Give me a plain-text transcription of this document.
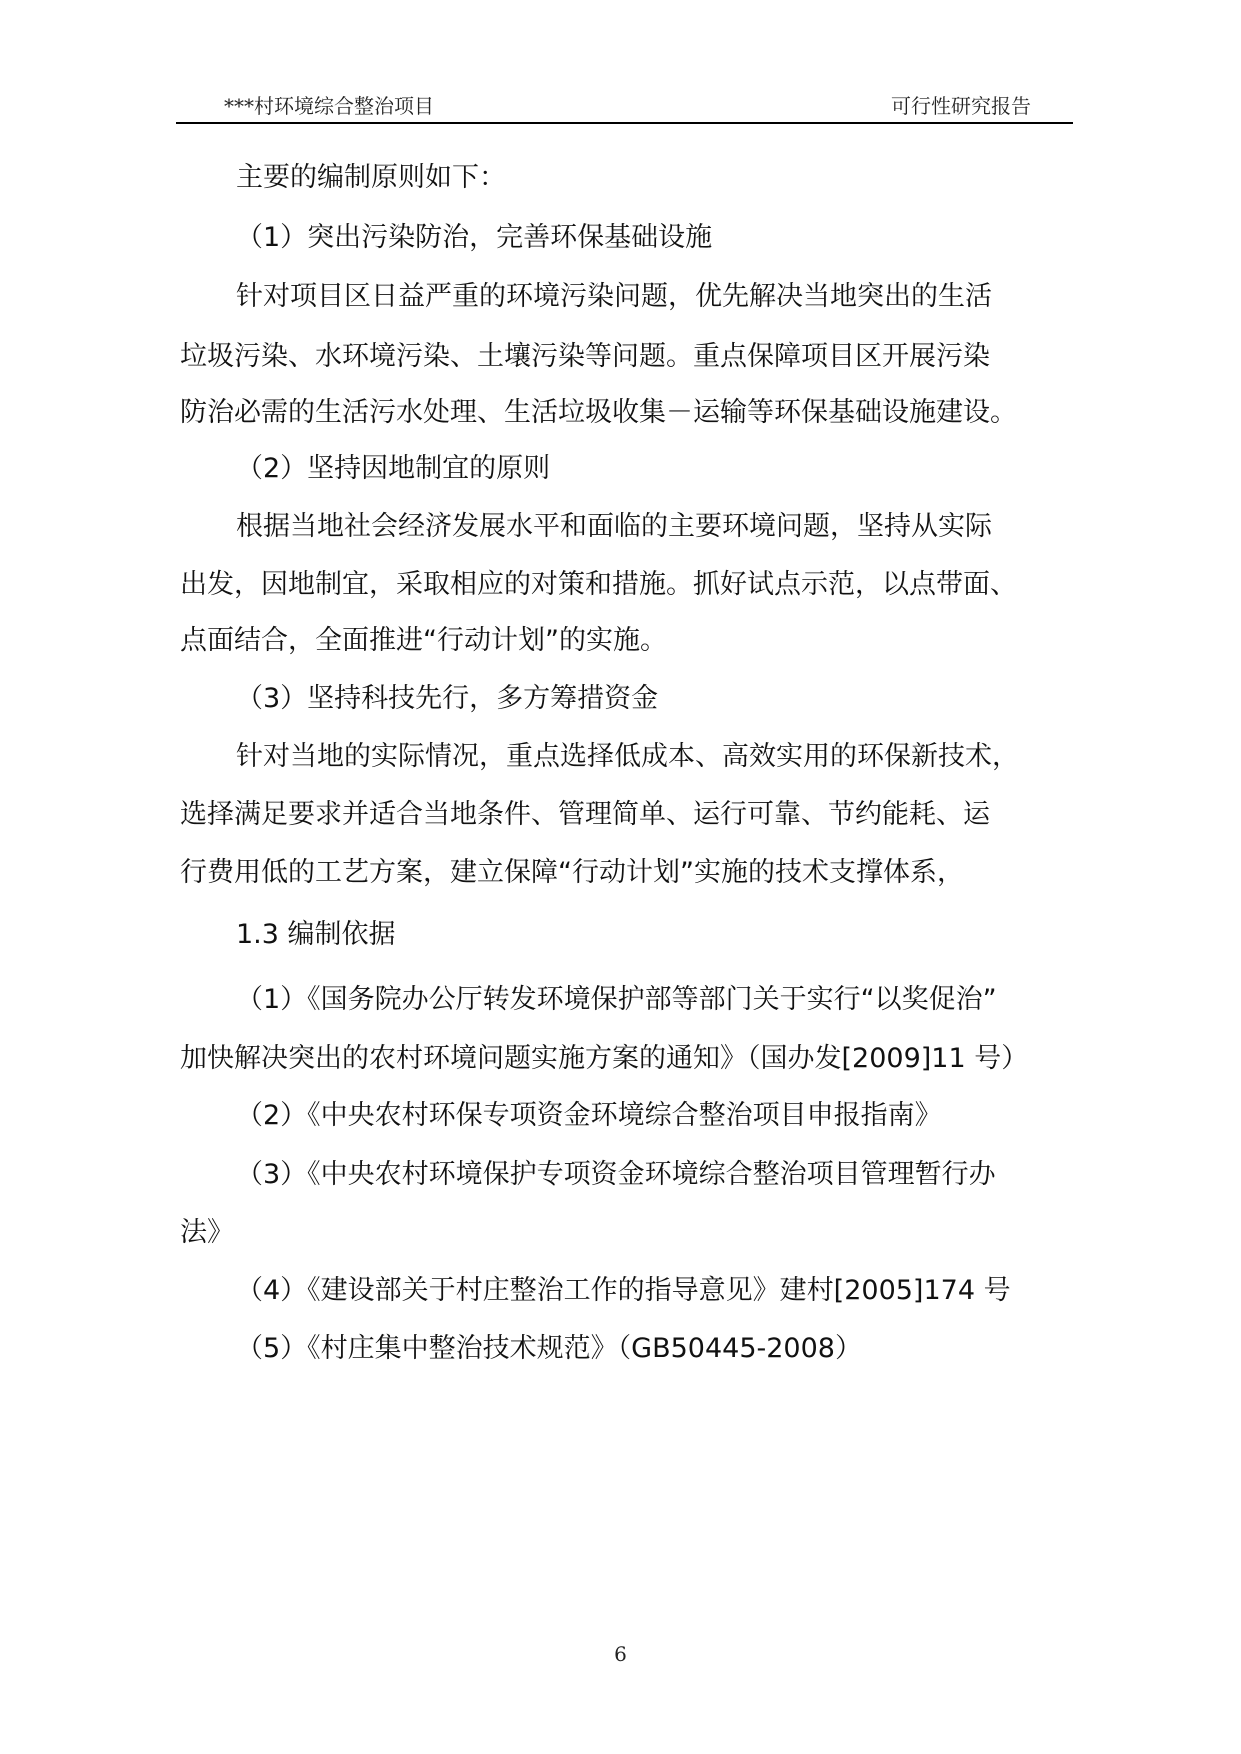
***村环境综合整治项目	可行性研究报告
主要的编制原则如下：
（1）突出污染防治，完善环保基础设施
针对项目区日益严重的环境污染问题，优先解决当地突出的生活
垃圾污染、水环境污染、土壤污染等问题。重点保障项目区开展污染
防治必需的生活污水处理、生活垃圾收集－运输等环保基础设施建设。
（2）坚持因地制宜的原则
根据当地社会经济发展水平和面临的主要环境问题，坚持从实际
出发，因地制宜，采取相应的对策和措施。抓好试点示范，以点带面、
点面结合，全面推进“行动计划”的实施。
（3）坚持科技先行，多方筹措资金
针对当地的实际情况，重点选择低成本、高效实用的环保新技术，
选择满足要求并适合当地条件、管理简单、运行可靠、节约能耗、运
行费用低的工艺方案，建立保障“行动计划”实施的技术支撑体系，
1.3 编制依据
（1）《国务院办公厅转发环境保护部等部门关于实行“以奖促治”
加快解决突出的农村环境问题实施方案的通知》（国办发[2009]11 号）
（2）《中央农村环保专项资金环境综合整治项目申报指南》
（3）《中央农村环境保护专项资金环境综合整治项目管理暂行办
法》
（4）《建设部关于村庄整治工作的指导意见》建村[2005]174 号
（5）《村庄集中整治技术规范》（GB50445-2008）
6
